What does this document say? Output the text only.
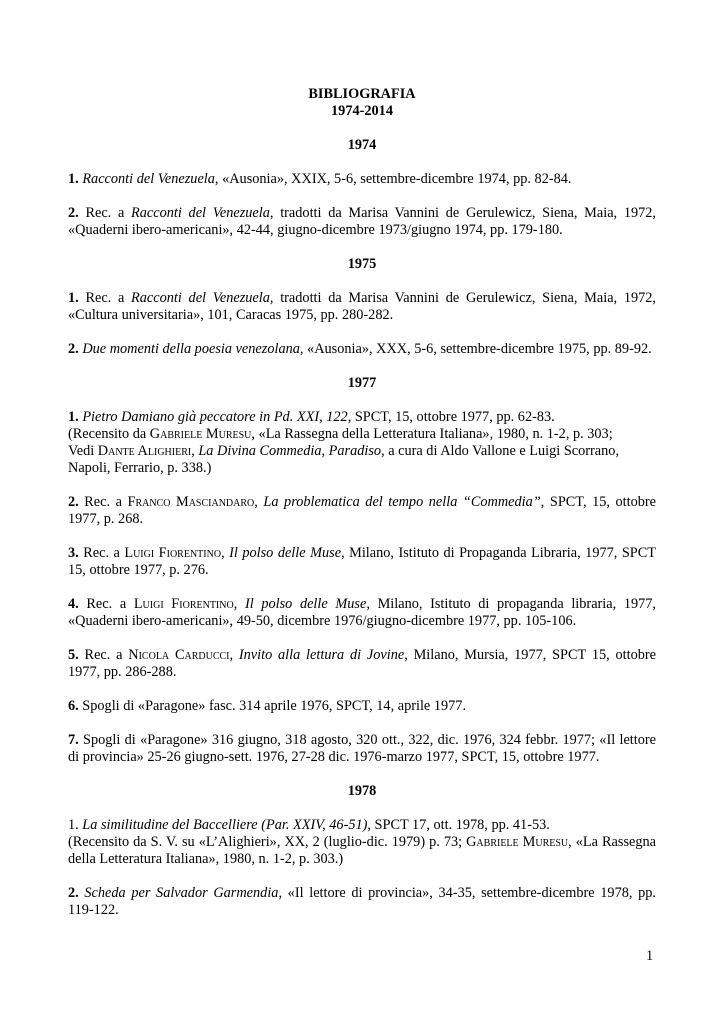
BIBLIOGRAFIA

1974-2014

1974

1. Racconti del Venezuela, «Ausonia», XXIX, 5-6, settembre-dicembre 1974, pp. 82-84.

2. Rec. a Racconti del Venezuela, tradotti da Marisa Vannini de Gerulewicz, Siena, Maia, 1972, «Quaderni ibero-americani», 42-44, giugno-dicembre 1973/giugno 1974, pp. 179-180.

1975

1. Rec. a Racconti del Venezuela, tradotti da Marisa Vannini de Gerulewicz, Siena, Maia, 1972, «Cultura universitaria», 101, Caracas 1975, pp. 280-282.

2. Due momenti della poesia venezolana, «Ausonia», XXX, 5-6, settembre-dicembre 1975, pp. 89-92.

1977

1. Pietro Damiano già peccatore in Pd. XXI, 122, SPCT, 15, ottobre 1977, pp. 62-83.
(Recensito da Gabriele Muresu, «La Rassegna della Letteratura Italiana», 1980, n. 1-2, p. 303;
Vedi Dante Alighieri, La Divina Commedia, Paradiso, a cura di Aldo Vallone e Luigi Scorrano,
Napoli, Ferrario, p. 338.)

2. Rec. a Franco Masciandaro, La problematica del tempo nella “Commedia”, SPCT, 15, ottobre 1977, p. 268.

3. Rec. a Luigi Fiorentino, Il polso delle Muse, Milano, Istituto di Propaganda Libraria, 1977, SPCT 15, ottobre 1977, p. 276.

4. Rec. a Luigi Fiorentino, Il polso delle Muse, Milano, Istituto di propaganda libraria, 1977, «Quaderni ibero-americani», 49-50, dicembre 1976/giugno-dicembre 1977, pp. 105-106.

5. Rec. a Nicola Carducci, Invito alla lettura di Jovine, Milano, Mursia, 1977, SPCT 15, ottobre 1977, pp. 286-288.

6. Spogli di «Paragone» fasc. 314 aprile 1976, SPCT, 14, aprile 1977.

7. Spogli di «Paragone» 316 giugno, 318 agosto, 320 ott., 322, dic. 1976, 324 febbr. 1977; «Il lettore di provincia» 25-26 giugno-sett. 1976, 27-28 dic. 1976-marzo 1977, SPCT, 15, ottobre 1977.

1978

1. La similitudine del Baccelliere (Par. XXIV, 46-51), SPCT 17, ott. 1978, pp. 41-53.
(Recensito da S. V. su «L’Alighieri», XX, 2 (luglio-dic. 1979) p. 73; Gabriele Muresu, «La Rassegna della Letteratura Italiana», 1980, n. 1-2, p. 303.)

2. Scheda per Salvador Garmendia, «Il lettore di provincia», 34-35, settembre-dicembre 1978, pp. 119-122.

1
